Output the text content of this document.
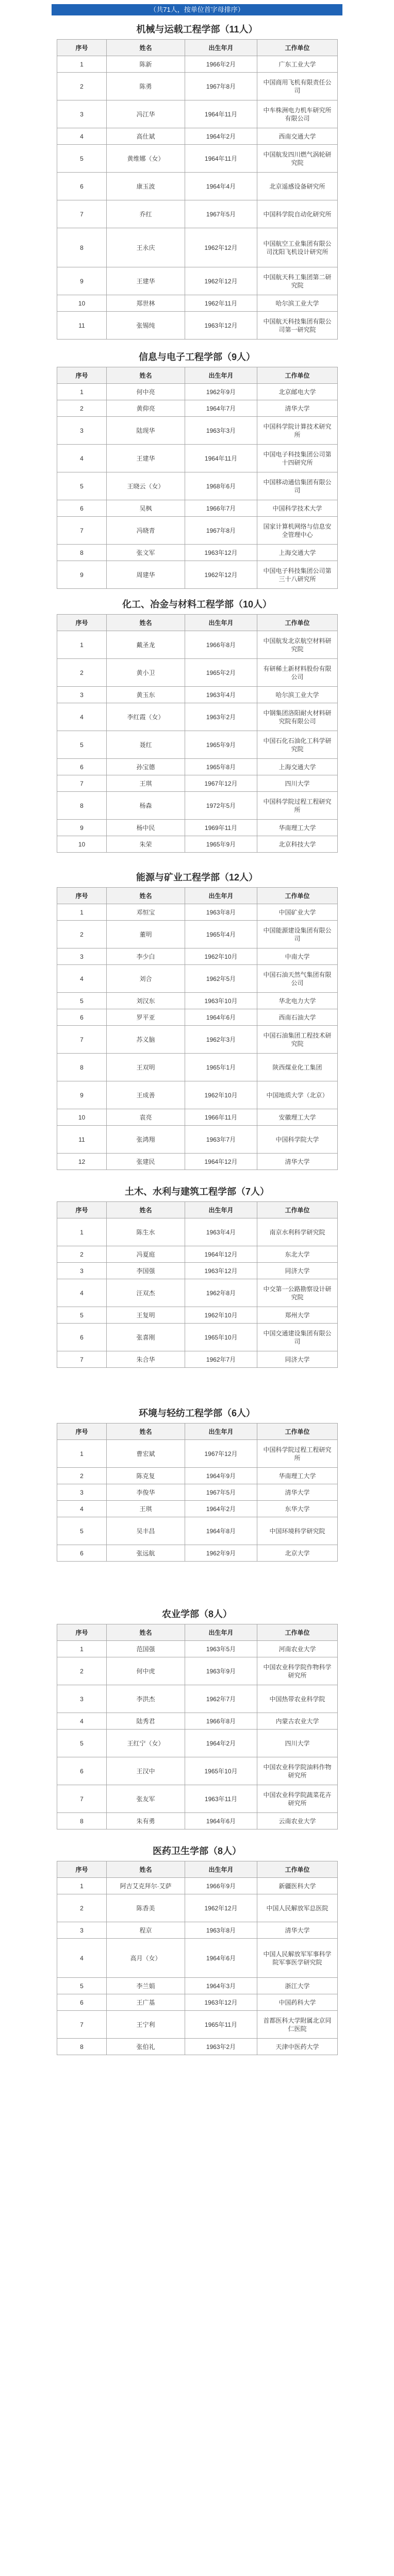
（共71人，按单位首字母排序）
机械与运载工程学部（11人）
序号	姓名	出生年月	工作单位
1	陈新	1966年2月	广东工业大学
2	陈勇	1967年8月	中国商用飞机有限责任公司
3	冯江华	1964年11月	中车株洲电力机车研究所有限公司
4	高仕斌	1964年2月	西南交通大学
5	黄维娜（女）	1964年11月	中国航发四川燃气涡轮研究院
6	康玉波	1964年4月	北京遥感设备研究所
7	乔红	1967年5月	中国科学院自动化研究所
8	王永庆	1962年12月	中国航空工业集团有限公司沈阳飞机设计研究所
9	王建华	1962年12月	中国航天科工集团第二研究院
10	郑世林	1962年11月	哈尔滨工业大学
11	张锡纯	1963年12月	中国航天科技集团有限公司第一研究院
信息与电子工程学部（9人）
序号	姓名	出生年月	工作单位
1	何中亮	1962年9月	北京邮电大学
2	黄仰亮	1964年7月	清华大学
3	陆现华	1963年3月	中国科学院计算技术研究所
4	王建华	1964年11月	中国电子科技集团公司第十四研究所
5	王晓云（女）	1968年6月	中国移动通信集团有限公司
6	吴枫	1966年7月	中国科学技术大学
7	冯晓青	1967年8月	国家计算机网络与信息安全管理中心
8	张文军	1963年12月	上海交通大学
9	周建华	1962年12月	中国电子科技集团公司第三十八研究所
化工、冶金与材料工程学部（10人）
序号	姓名	出生年月	工作单位
1	戴圣龙	1966年8月	中国航发北京航空材料研究院
2	黄小卫	1965年2月	有研稀土新材料股份有限公司
3	黄玉东	1963年4月	哈尔滨工业大学
4	李红霞（女）	1963年2月	中钢集团洛阳耐火材料研究院有限公司
5	聂红	1965年9月	中国石化石油化工科学研究院
6	孙宝德	1965年8月	上海交通大学
7	王琪	1967年12月	四川大学
8	杨森	1972年5月	中国科学院过程工程研究所
9	杨中民	1969年11月	华南理工大学
10	朱荣	1965年9月	北京科技大学
能源与矿业工程学部（12人）
序号	姓名	出生年月	工作单位
1	邓恒宝	1963年8月	中国矿业大学
2	董明	1965年4月	中国能源建设集团有限公司
3	李少白	1962年10月	中南大学
4	刘合	1962年5月	中国石油天然气集团有限公司
5	刘汉东	1963年10月	华北电力大学
6	罗平亚	1964年6月	西南石油大学
7	苏义脑	1962年3月	中国石油集团工程技术研究院
8	王双明	1965年1月	陕西煤业化工集团
9	王成善	1962年10月	中国地质大学（北京）
10	袁亮	1966年11月	安徽理工大学
11	张鸿翔	1963年7月	中国科学院大学
12	张建民	1964年12月	清华大学
土木、水利与建筑工程学部（7人）
序号	姓名	出生年月	工作单位
1	陈生水	1963年4月	南京水利科学研究院
2	冯夏庭	1964年12月	东北大学
3	李国强	1963年12月	同济大学
4	汪双杰	1962年8月	中交第一公路勘察设计研究院
5	王复明	1962年10月	郑州大学
6	张喜刚	1965年10月	中国交通建设集团有限公司
7	朱合华	1962年7月	同济大学
环境与轻纺工程学部（6人）
序号	姓名	出生年月	工作单位
1	曹宏斌	1967年12月	中国科学院过程工程研究所
2	陈克复	1964年9月	华南理工大学
3	李俊华	1967年5月	清华大学
4	王琪	1964年2月	东华大学
5	吴丰昌	1964年8月	中国环境科学研究院
6	张远航	1962年9月	北京大学
农业学部（8人）
序号	姓名	出生年月	工作单位
1	范国强	1963年5月	河南农业大学
2	何中虎	1963年9月	中国农业科学院作物科学研究所
3	李洪杰	1962年7月	中国热带农业科学院
4	陆秀君	1966年8月	内蒙古农业大学
5	王红宁（女）	1964年2月	四川大学
6	王汉中	1965年10月	中国农业科学院油料作物研究所
7	张友军	1963年11月	中国农业科学院蔬菜花卉研究所
8	朱有勇	1964年6月	云南农业大学
医药卫生学部（8人）
序号	姓名	出生年月	工作单位
1	阿吉艾克拜尔·艾萨	1966年9月	新疆医科大学
2	陈香美	1962年12月	中国人民解放军总医院
3	程京	1963年8月	清华大学
4	高月（女）	1964年6月	中国人民解放军军事科学院军事医学研究院
5	李兰娟	1964年3月	浙江大学
6	王广基	1963年12月	中国药科大学
7	王宁利	1965年11月	首都医科大学附属北京同仁医院
8	张伯礼	1963年2月	天津中医药大学
